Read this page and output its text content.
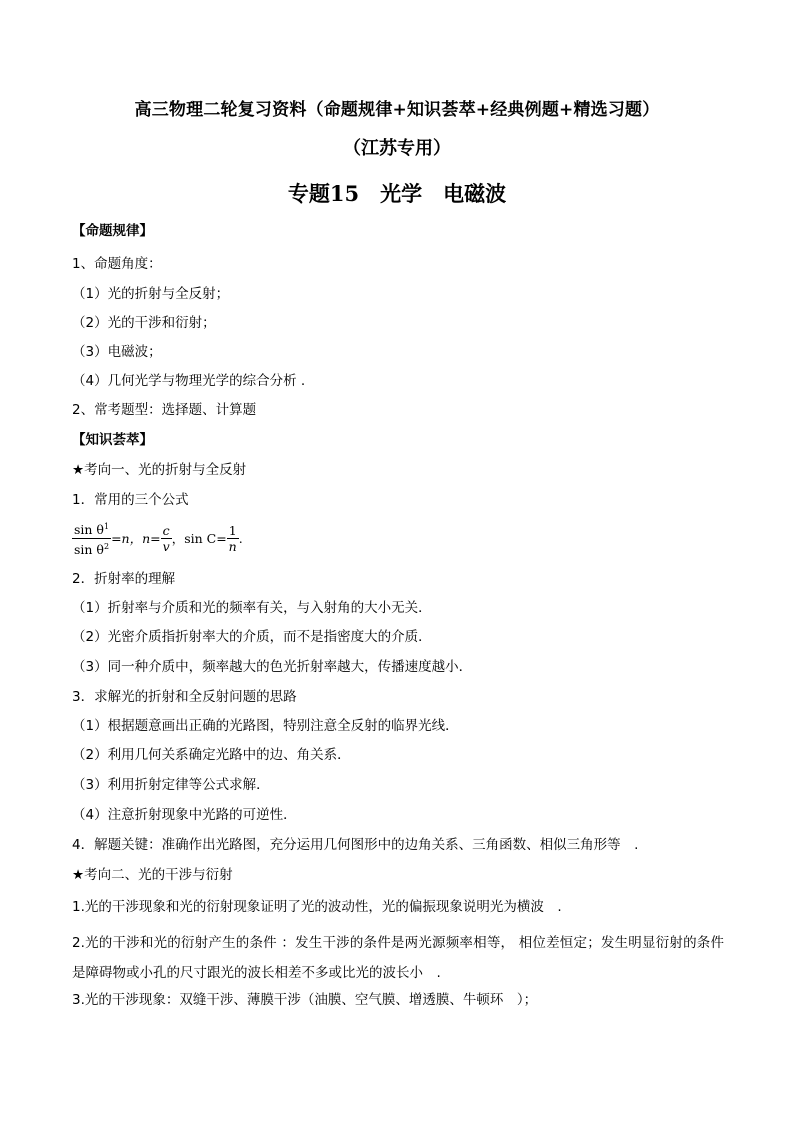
高三物理二轮复习资料（命题规律+知识荟萃+经典例题+精选习题）
（江苏专用）
专题15　光学　电磁波
【命题规律】
1、命题角度：
（1）光的折射与全反射；
（2）光的干涉和衍射；
（3）电磁波；
（4）几何光学与物理光学的综合分析 .
2、常考题型：选择题、计算题
【知识荟萃】
★考向一、光的折射与全反射
1．常用的三个公式
$\frac{\sin \theta^1}{\sin \theta^2} =n$，$n= \frac{c}{v}$ ，$\sin C= \frac{1}{n}$ .
2．折射率的理解
（1）折射率与介质和光的频率有关，与入射角的大小无关．
（2）光密介质指折射率大的介质，而不是指密度大的介质．
（3）同一种介质中，频率越大的色光折射率越大，传播速度越小．
3．求解光的折射和全反射问题的思路
（1）根据题意画出正确的光路图，特别注意全反射的临界光线．
（2）利用几何关系确定光路中的边、角关系．
（3）利用折射定律等公式求解．
（4）注意折射现象中光路的可逆性．
4．解题关键：准确作出光路图，充分运用几何图形中的边角关系、三角函数、相似三角形等　.
★考向二、光的干涉与衍射
1.光的干涉现象和光的衍射现象证明了光的波动性，光的偏振现象说明光为横波　.
2.光的干涉和光的衍射产生的条件 ：发生干涉的条件是两光源频率相等， 相位差恒定；发生明显衍射的条件是障碍物或小孔的尺寸跟光的波长相差不多或比光的波长小　.
3.光的干涉现象：双缝干涉、薄膜干涉（油膜、空气膜、增透膜、牛顿环　）；
